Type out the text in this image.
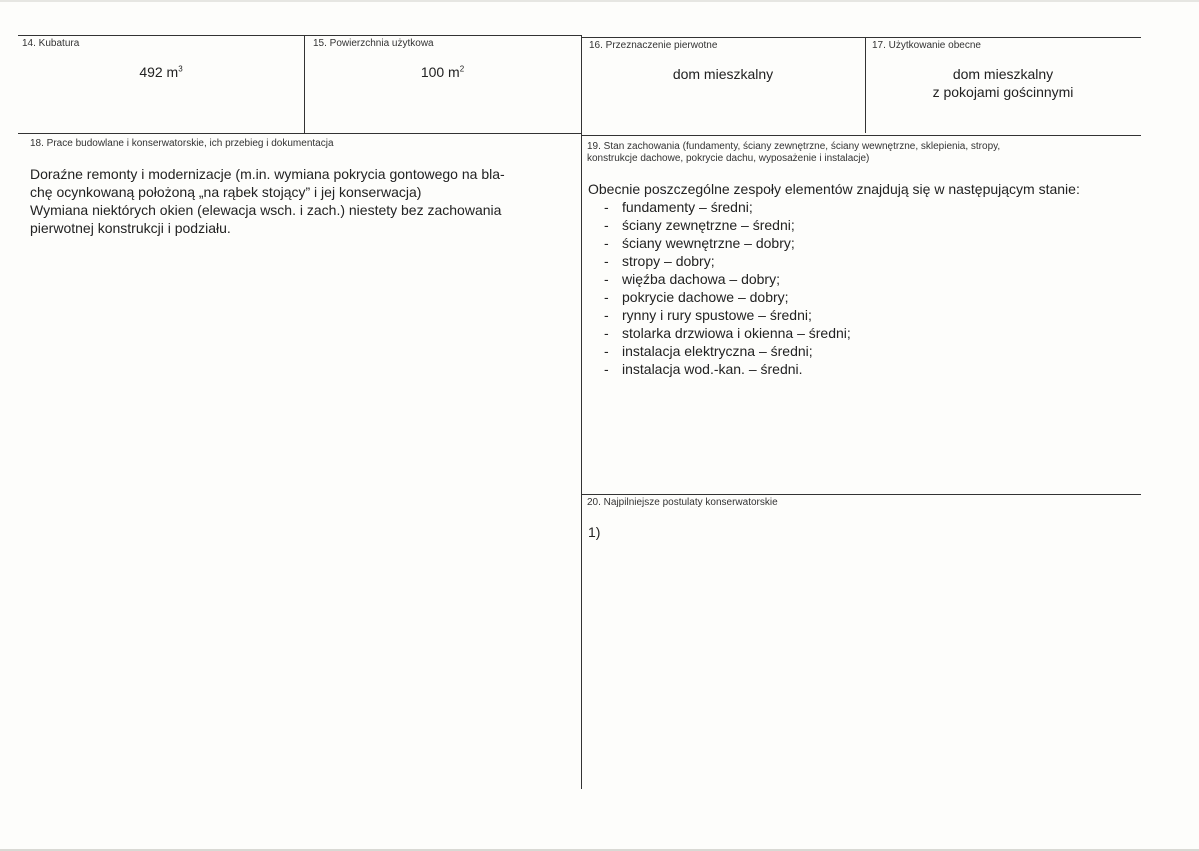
14. Kubatura
492 $m^3$
15. Powierzchnia użytkowa
100 $m^2$
16. Przeznaczenie pierwotne
dom mieszkalny
17. Użytkowanie obecne
dom mieszkalny
z pokojami gościnnymi
18. Prace budowlane i konserwatorskie, ich przebieg i dokumentacja
Doraźne remonty i modernizacje (m.in. wymiana pokrycia gontowego na bla-
chę ocynkowaną położoną „na rąbek stojący” i jej konserwacja)
Wymiana niektórych okien (elewacja wsch. i zach.) niestety bez zachowania
pierwotnej konstrukcji i podziału.
19. Stan zachowania (fundamenty, ściany zewnętrzne, ściany wewnętrzne, sklepienia, stropy,
konstrukcje dachowe, pokrycie dachu, wyposażenie i instalacje)
Obecnie poszczególne zespoły elementów znajdują się w następującym stanie:
- fundamenty – średni;
- ściany zewnętrzne – średni;
- ściany wewnętrzne – dobry;
- stropy – dobry;
- więźba dachowa – dobry;
- pokrycie dachowe – dobry;
- rynny i rury spustowe – średni;
- stolarka drzwiowa i okienna – średni;
- instalacja elektryczna – średni;
- instalacja wod.-kan. – średni.
20. Najpilniejsze postulaty konserwatorskie
1)
